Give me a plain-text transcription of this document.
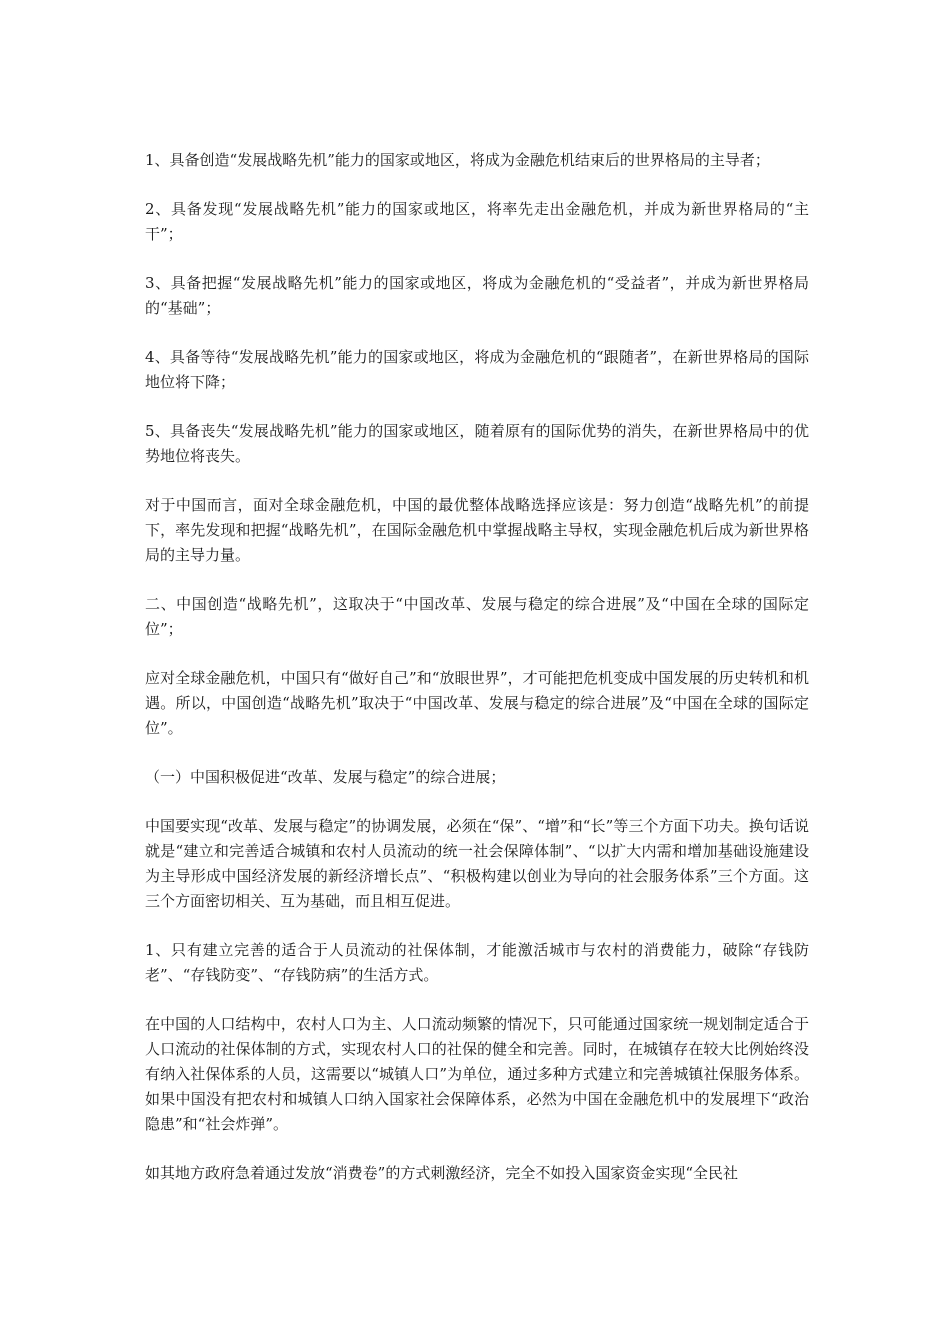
1、具备创造“发展战略先机”能力的国家或地区，将成为金融危机结束后的世界格局的主导者；

2、具备发现“发展战略先机”能力的国家或地区，将率先走出金融危机，并成为新世界格局的“主干”；

3、具备把握“发展战略先机”能力的国家或地区，将成为金融危机的“受益者”，并成为新世界格局的“基础”；

4、具备等待“发展战略先机”能力的国家或地区，将成为金融危机的“跟随者”，在新世界格局的国际地位将下降；

5、具备丧失“发展战略先机”能力的国家或地区，随着原有的国际优势的消失，在新世界格局中的优势地位将丧失。

对于中国而言，面对全球金融危机，中国的最优整体战略选择应该是：努力创造“战略先机”的前提下，率先发现和把握“战略先机”，在国际金融危机中掌握战略主导权，实现金融危机后成为新世界格局的主导力量。

二、中国创造“战略先机”，这取决于“中国改革、发展与稳定的综合进展”及“中国在全球的国际定位”；

应对全球金融危机，中国只有“做好自己”和“放眼世界”，才可能把危机变成中国发展的历史转机和机遇。所以，中国创造“战略先机”取决于“中国改革、发展与稳定的综合进展”及“中国在全球的国际定位”。

（一）中国积极促进“改革、发展与稳定”的综合进展；

中国要实现“改革、发展与稳定”的协调发展，必须在“保”、“增”和“长”等三个方面下功夫。换句话说就是“建立和完善适合城镇和农村人员流动的统一社会保障体制”、“以扩大内需和增加基础设施建设为主导形成中国经济发展的新经济增长点”、“积极构建以创业为导向的社会服务体系”三个方面。这三个方面密切相关、互为基础，而且相互促进。

1、只有建立完善的适合于人员流动的社保体制，才能激活城市与农村的消费能力，破除“存钱防老”、“存钱防变”、“存钱防病”的生活方式。

在中国的人口结构中，农村人口为主、人口流动频繁的情况下，只可能通过国家统一规划制定适合于人口流动的社保体制的方式，实现农村人口的社保的健全和完善。同时，在城镇存在较大比例始终没有纳入社保体系的人员，这需要以“城镇人口”为单位，通过多种方式建立和完善城镇社保服务体系。如果中国没有把农村和城镇人口纳入国家社会保障体系，必然为中国在金融危机中的发展埋下“政治隐患”和“社会炸弹”。

如其地方政府急着通过发放“消费卷”的方式刺激经济，完全不如投入国家资金实现“全民社
